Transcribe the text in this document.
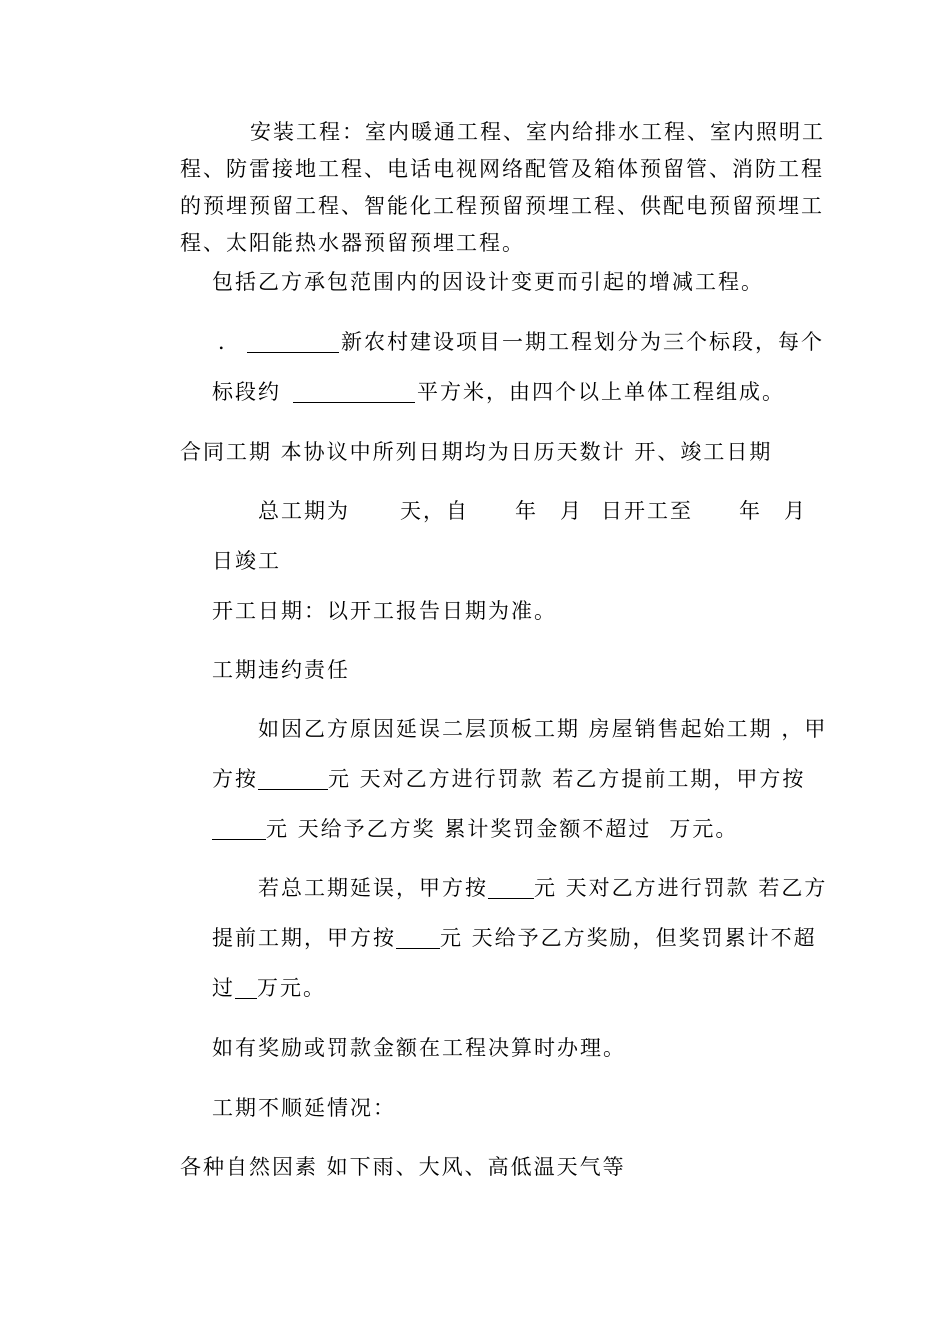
安装工程：室内暖通工程、室内给排水工程、室内照明工
程、防雷接地工程、电话电视网络配管及箱体预留管、消防工程
的预埋预留工程、智能化工程预留预埋工程、供配电预留预埋工
程、太阳能热水器预留预埋工程。
包括乙方承包范围内的因设计变更而引起的增减工程。
．	新农村建设项目一期工程划分为三个标段，每个
标段约	平方米，由四个以上单体工程组成。
合同工期 本协议中所列日期均为日历天数计 开、竣工日期
总工期为 天，自 年 月 日开工至 年 月
日竣工
开工日期：以开工报告日期为准。
工期违约责任
如因乙方原因延误二层顶板工期 房屋销售起始工期 ，甲
方按	元 天对乙方进行罚款 若乙方提前工期，甲方按
元 天给予乙方奖 累计奖罚金额不超过 万元。
若总工期延误，甲方按 元 天对乙方进行罚款 若乙方
提前工期，甲方按 元 天给予乙方奖励，但奖罚累计不超
过 万元。
如有奖励或罚款金额在工程决算时办理。
工期不顺延情况：
各种自然因素 如下雨、大风、高低温天气等
